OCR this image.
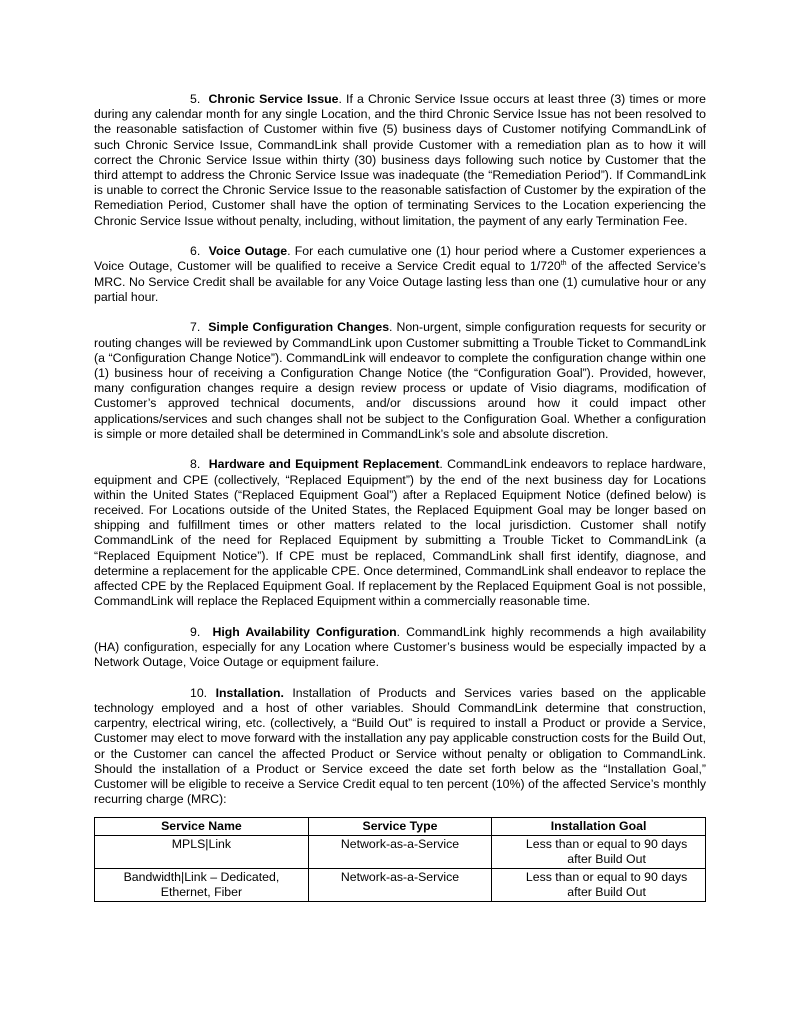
5. Chronic Service Issue. If a Chronic Service Issue occurs at least three (3) times or more during any calendar month for any single Location, and the third Chronic Service Issue has not been resolved to the reasonable satisfaction of Customer within five (5) business days of Customer notifying CommandLink of such Chronic Service Issue, CommandLink shall provide Customer with a remediation plan as to how it will correct the Chronic Service Issue within thirty (30) business days following such notice by Customer that the third attempt to address the Chronic Service Issue was inadequate (the “Remediation Period”). If CommandLink is unable to correct the Chronic Service Issue to the reasonable satisfaction of Customer by the expiration of the Remediation Period, Customer shall have the option of terminating Services to the Location experiencing the Chronic Service Issue without penalty, including, without limitation, the payment of any early Termination Fee.

6. Voice Outage. For each cumulative one (1) hour period where a Customer experiences a Voice Outage, Customer will be qualified to receive a Service Credit equal to 1/720th of the affected Service’s MRC. No Service Credit shall be available for any Voice Outage lasting less than one (1) cumulative hour or any partial hour.

7. Simple Configuration Changes. Non-urgent, simple configuration requests for security or routing changes will be reviewed by CommandLink upon Customer submitting a Trouble Ticket to CommandLink (a “Configuration Change Notice”). CommandLink will endeavor to complete the configuration change within one (1) business hour of receiving a Configuration Change Notice (the “Configuration Goal”). Provided, however, many configuration changes require a design review process or update of Visio diagrams, modification of Customer’s approved technical documents, and/or discussions around how it could impact other applications/services and such changes shall not be subject to the Configuration Goal. Whether a configuration is simple or more detailed shall be determined in CommandLink’s sole and absolute discretion.

8. Hardware and Equipment Replacement. CommandLink endeavors to replace hardware, equipment and CPE (collectively, “Replaced Equipment”) by the end of the next business day for Locations within the United States (“Replaced Equipment Goal”) after a Replaced Equipment Notice (defined below) is received. For Locations outside of the United States, the Replaced Equipment Goal may be longer based on shipping and fulfillment times or other matters related to the local jurisdiction. Customer shall notify CommandLink of the need for Replaced Equipment by submitting a Trouble Ticket to CommandLink (a “Replaced Equipment Notice”). If CPE must be replaced, CommandLink shall first identify, diagnose, and determine a replacement for the applicable CPE. Once determined, CommandLink shall endeavor to replace the affected CPE by the Replaced Equipment Goal. If replacement by the Replaced Equipment Goal is not possible, CommandLink will replace the Replaced Equipment within a commercially reasonable time.

9. High Availability Configuration. CommandLink highly recommends a high availability (HA) configuration, especially for any Location where Customer’s business would be especially impacted by a Network Outage, Voice Outage or equipment failure.

10. Installation. Installation of Products and Services varies based on the applicable technology employed and a host of other variables. Should CommandLink determine that construction, carpentry, electrical wiring, etc. (collectively, a “Build Out” is required to install a Product or provide a Service, Customer may elect to move forward with the installation any pay applicable construction costs for the Build Out, or the Customer can cancel the affected Product or Service without penalty or obligation to CommandLink. Should the installation of a Product or Service exceed the date set forth below as the “Installation Goal,” Customer will be eligible to receive a Service Credit equal to ten percent (10%) of the affected Service’s monthly recurring charge (MRC):

Service Name	Service Type	Installation Goal
MPLS|Link	Network-as-a-Service	Less than or equal to 90 days after Build Out
Bandwidth|Link – Dedicated, Ethernet, Fiber	Network-as-a-Service	Less than or equal to 90 days after Build Out
